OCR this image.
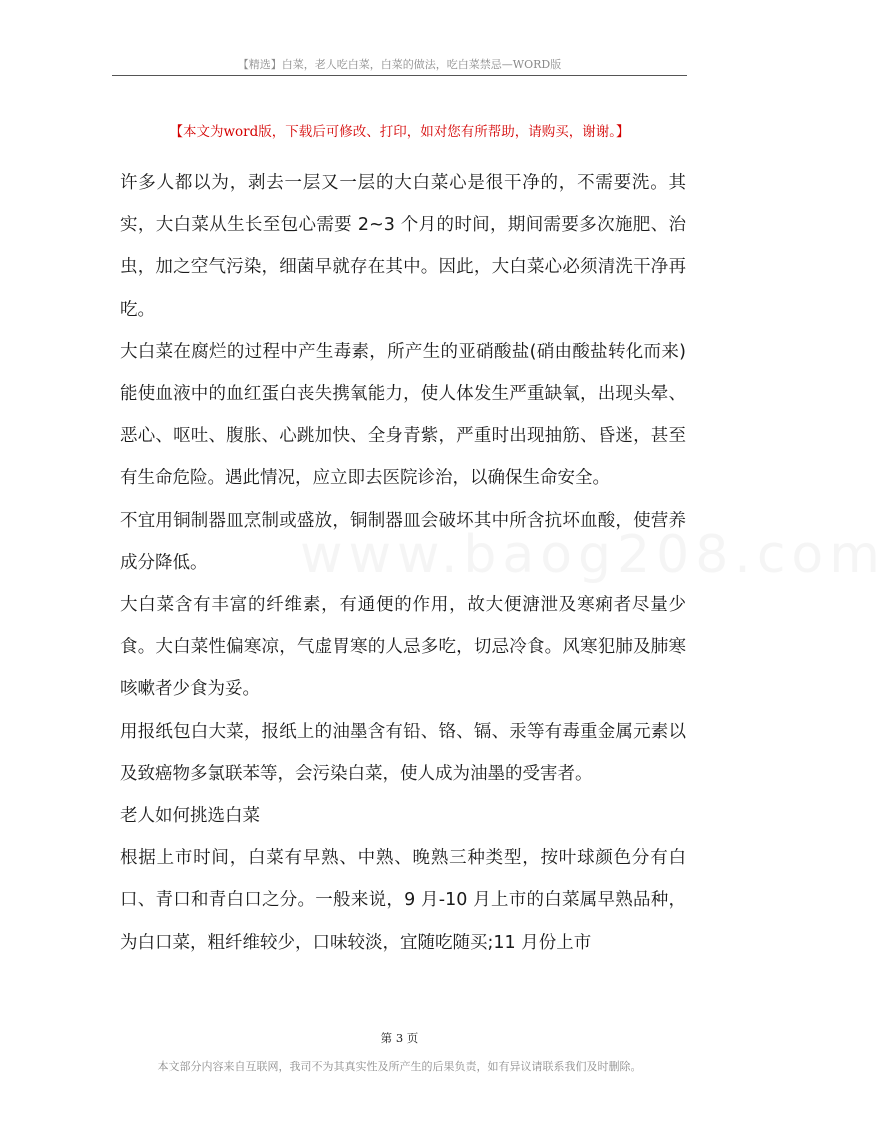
【精选】白菜，老人吃白菜，白菜的做法，吃白菜禁忌—WORD版
【本文为word版，下载后可修改、打印，如对您有所帮助，请购买，谢谢。】
www.baog208.com

许多人都以为，剥去一层又一层的大白菜心是很干净的，不需要洗。其实，大白菜从生长至包心需要 2~3 个月的时间，期间需要多次施肥、治虫，加之空气污染，细菌早就存在其中。因此，大白菜心必须清洗干净再吃。

大白菜在腐烂的过程中产生毒素，所产生的亚硝酸盐(硝由酸盐转化而来)能使血液中的血红蛋白丧失携氧能力，使人体发生严重缺氧，出现头晕、恶心、呕吐、腹胀、心跳加快、全身青紫，严重时出现抽筋、昏迷，甚至有生命危险。遇此情况，应立即去医院诊治，以确保生命安全。

不宜用铜制器皿烹制或盛放，铜制器皿会破坏其中所含抗坏血酸，使营养成分降低。

大白菜含有丰富的纤维素，有通便的作用，故大便溏泄及寒痢者尽量少食。大白菜性偏寒凉，气虚胃寒的人忌多吃，切忌冷食。风寒犯肺及肺寒咳嗽者少食为妥。

用报纸包白大菜，报纸上的油墨含有铅、铬、镉、汞等有毒重金属元素以及致癌物多氯联苯等，会污染白菜，使人成为油墨的受害者。

老人如何挑选白菜

根据上市时间，白菜有早熟、中熟、晚熟三种类型，按叶球颜色分有白口、青口和青白口之分。一般来说，9 月-10 月上市的白菜属早熟品种，为白口菜，粗纤维较少，口味较淡，宜随吃随买;11 月份上市

第 3 页
本文部分内容来自互联网，我司不为其真实性及所产生的后果负责，如有异议请联系我们及时删除。
